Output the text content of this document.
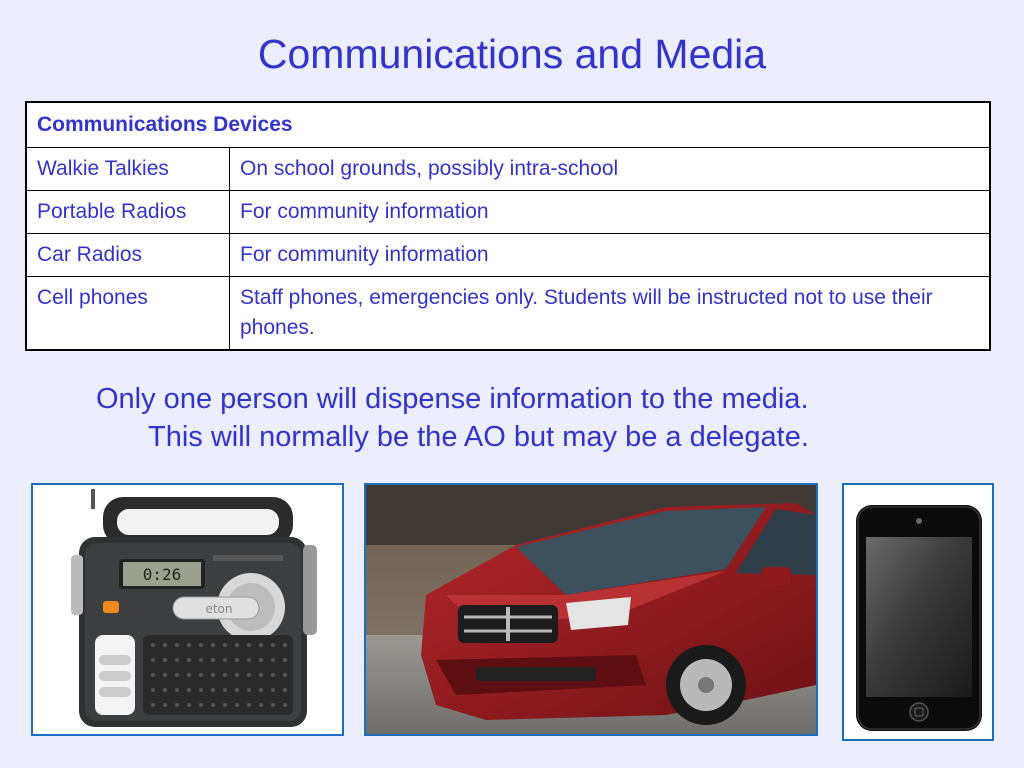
Communications and Media
Communications Devices	
Walkie Talkies	On school grounds, possibly intra-school
Portable Radios	For community information
Car Radios	For community information
Cell phones	Staff phones, emergencies only. Students will be instructed not to use their phones.
Only one person will dispense information to the media.
This will normally be the AO but may be a delegate.
0:26
eton
